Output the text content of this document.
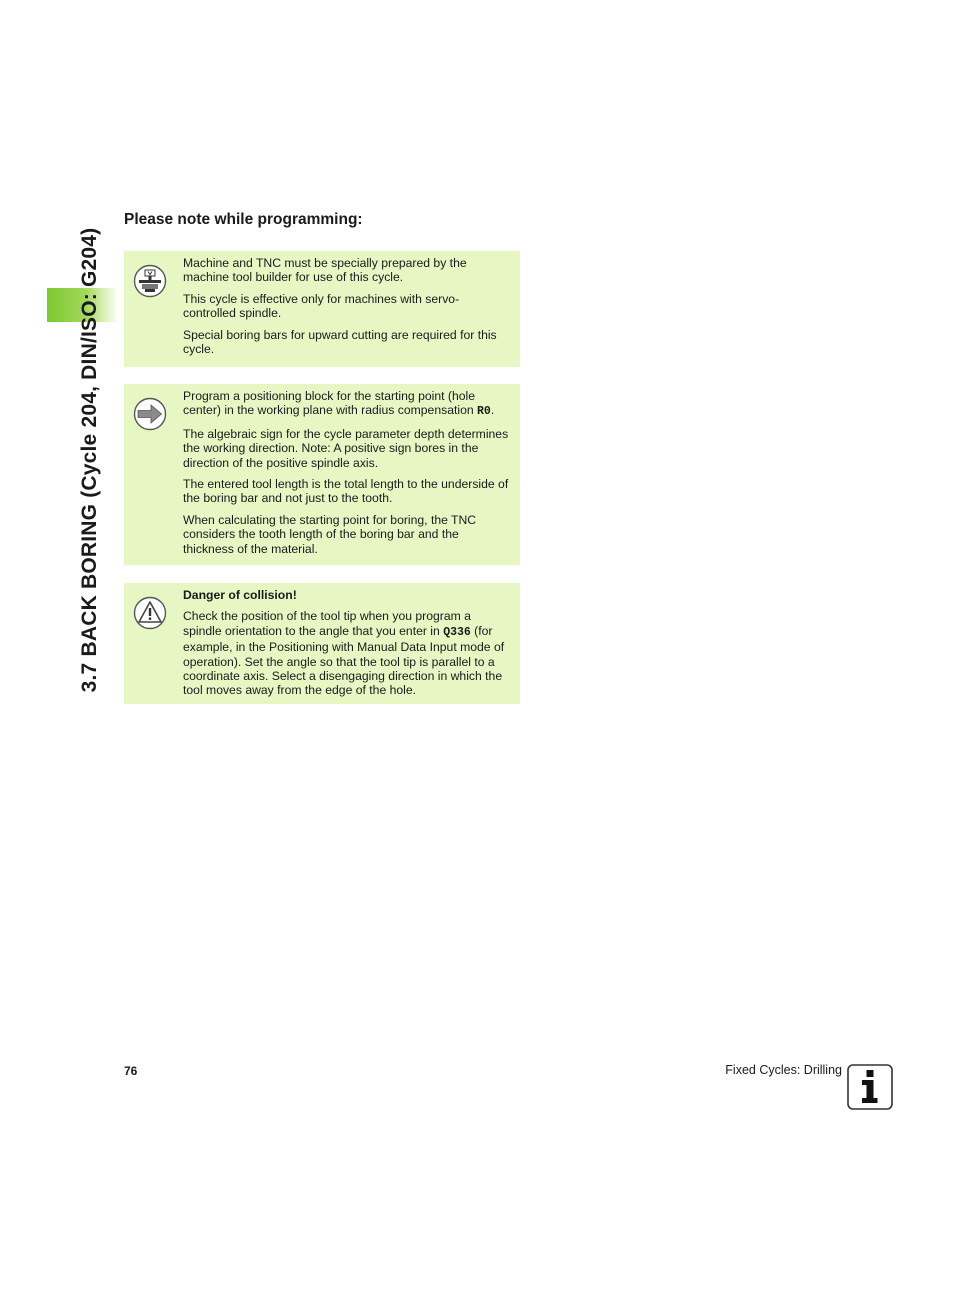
3.7 BACK BORING (Cycle 204, DIN/ISO: G204)
Please note while programming:

Machine and TNC must be specially prepared by the machine tool builder for use of this cycle.

This cycle is effective only for machines with servo-controlled spindle.

Special boring bars for upward cutting are required for this cycle.

Program a positioning block for the starting point (hole center) in the working plane with radius compensation R0.

The algebraic sign for the cycle parameter depth determines the working direction. Note: A positive sign bores in the direction of the positive spindle axis.

The entered tool length is the total length to the underside of the boring bar and not just to the tooth.

When calculating the starting point for boring, the TNC considers the tooth length of the boring bar and the thickness of the material.

Danger of collision!

Check the position of the tool tip when you program a spindle orientation to the angle that you enter in Q336 (for example, in the Positioning with Manual Data Input mode of operation). Set the angle so that the tool tip is parallel to a coordinate axis. Select a disengaging direction in which the tool moves away from the edge of the hole.

76	Fixed Cycles: Drilling
